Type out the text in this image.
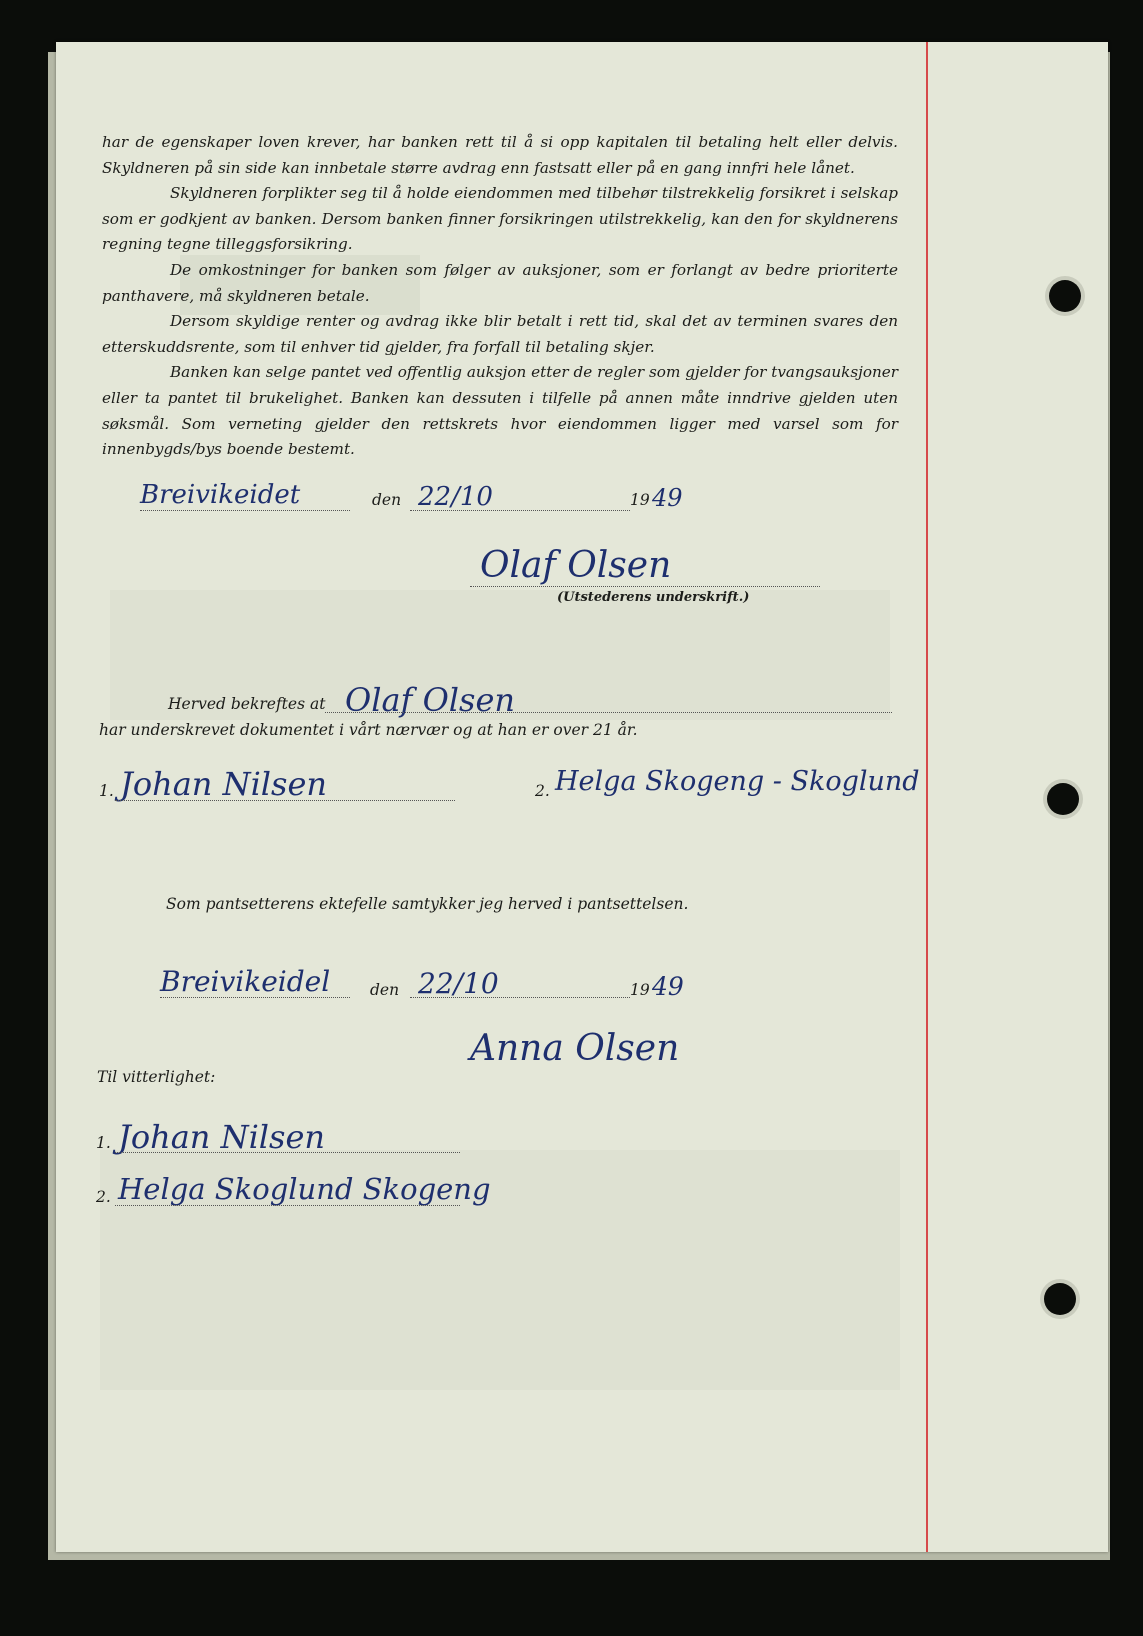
har de egenskaper loven krever, har banken rett til å si opp kapitalen til betaling helt eller delvis. Skyldneren på sin side kan innbetale større avdrag enn fastsatt eller på en gang innfri hele lånet.

Skyldneren forplikter seg til å holde eiendommen med tilbehør tilstrekkelig forsikret i selskap som er godkjent av banken. Dersom banken finner forsikringen utilstrekkelig, kan den for skyldnerens regning tegne tilleggsforsikring.

De omkostninger for banken som følger av auksjoner, som er forlangt av bedre prioriterte panthavere, må skyldneren betale.

Dersom skyldige renter og avdrag ikke blir betalt i rett tid, skal det av terminen svares den etterskuddsrente, som til enhver tid gjelder, fra forfall til betaling skjer.

Banken kan selge pantet ved offentlig auksjon etter de regler som gjelder for tvangsauksjoner eller ta pantet til brukelighet. Banken kan dessuten i tilfelle på annen måte inndrive gjelden uten søksmål. Som verneting gjelder den rettskrets hvor eiendommen ligger med varsel som for innenbygds/bys boende bestemt.

Breivikeidet	den 22/10	19 49
Olaf Olsen
(Utstederens underskrift.)
Herved bekreftes at Olaf Olsen
har underskrevet dokumentet i vårt nærvær og at han er over 21 år.
1. Johan Nilsen	2. Helga Skogeng - Skoglund
Som pantsetterens ektefelle samtykker jeg herved i pantsettelsen.
Breivikeidel	den 22/10	19 49
Anna Olsen
Til vitterlighet:
1. Johan Nilsen
2. Helga Skoglund Skogeng
